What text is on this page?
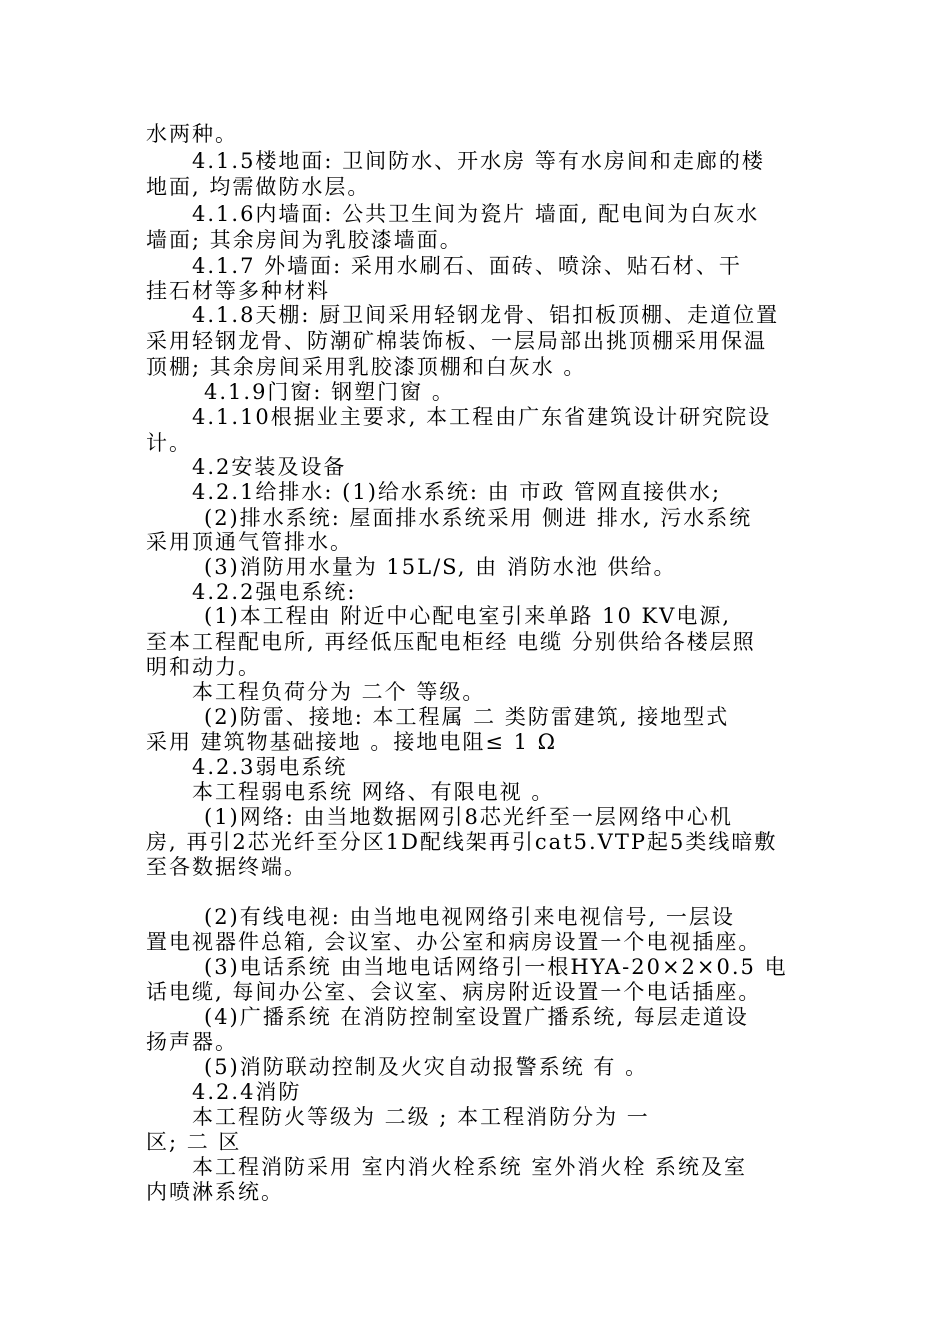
水两种。
4.1.5楼地面: 卫间防水、开水房 等有水房间和走廊的楼
地面, 均需做防水层。
4.1.6内墙面: 公共卫生间为瓷片 墙面, 配电间为白灰水
墙面; 其余房间为乳胶漆墙面。
4.1.7 外墙面: 采用水刷石、面砖、喷涂、贴石材、干
挂石材等多种材料
4.1.8天棚: 厨卫间采用轻钢龙骨、铝扣板顶棚、走道位置
采用轻钢龙骨、防潮矿棉装饰板、一层局部出挑顶棚采用保温
顶棚; 其余房间采用乳胶漆顶棚和白灰水 。
4.1.9门窗: 钢塑门窗 。
4.1.10根据业主要求, 本工程由广东省建筑设计研究院设
计。
4.2安装及设备
4.2.1给排水: (1)给水系统: 由 市政 管网直接供水;
(2)排水系统: 屋面排水系统采用 侧进 排水, 污水系统
采用顶通气管排水。
(3)消防用水量为 15L/S, 由 消防水池 供给。
4.2.2强电系统:
(1)本工程由 附近中心配电室引来单路 10 KV电源,
至本工程配电所, 再经低压配电柜经 电缆 分别供给各楼层照
明和动力。
本工程负荷分为 二个 等级。
(2)防雷、接地: 本工程属 二 类防雷建筑, 接地型式
采用 建筑物基础接地 。接地电阻≤ 1 Ω
4.2.3弱电系统
本工程弱电系统 网络、有限电视 。
(1)网络: 由当地数据网引8芯光纤至一层网络中心机
房, 再引2芯光纤至分区1D配线架再引cat5.VTP起5类线暗敷
至各数据终端。
(2)有线电视: 由当地电视网络引来电视信号, 一层设
置电视器件总箱, 会议室、办公室和病房设置一个电视插座。
(3)电话系统 由当地电话网络引一根HYA-20×2×0.5 电
话电缆, 每间办公室、会议室、病房附近设置一个电话插座。
(4)广播系统 在消防控制室设置广播系统, 每层走道设
扬声器。
(5)消防联动控制及火灾自动报警系统 有 。
4.2.4消防
本工程防火等级为 二级 ; 本工程消防分为 一
区; 二 区
本工程消防采用 室内消火栓系统 室外消火栓 系统及室
内喷淋系统。
